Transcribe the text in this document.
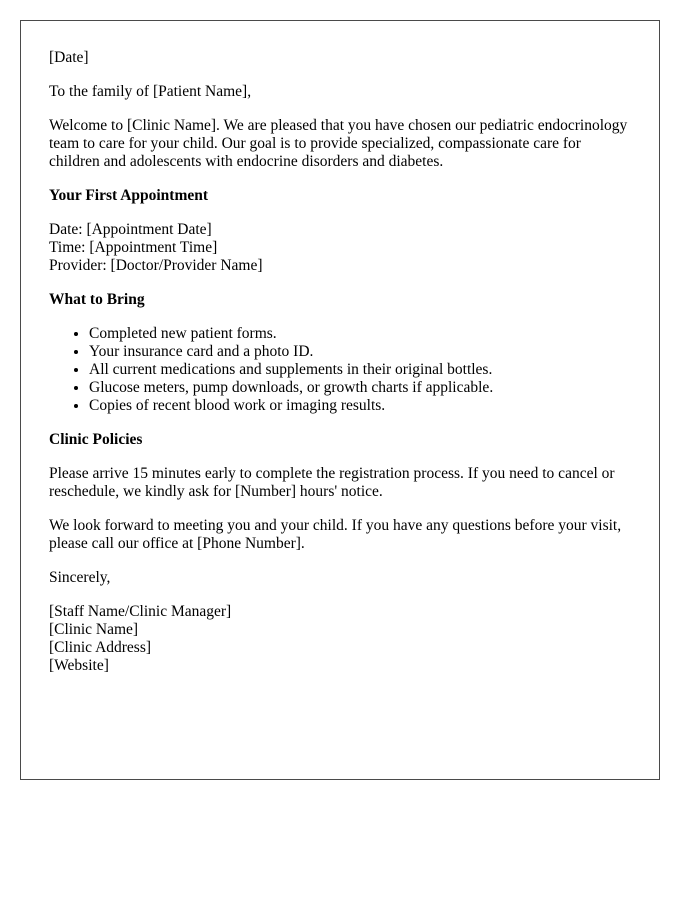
[Date]

To the family of [Patient Name],

Welcome to [Clinic Name]. We are pleased that you have chosen our pediatric endocrinology team to care for your child. Our goal is to provide specialized, compassionate care for children and adolescents with endocrine disorders and diabetes.

Your First Appointment

Date: [Appointment Date]
Time: [Appointment Time]
Provider: [Doctor/Provider Name]

What to Bring
• Completed new patient forms.
• Your insurance card and a photo ID.
• All current medications and supplements in their original bottles.
• Glucose meters, pump downloads, or growth charts if applicable.
• Copies of recent blood work or imaging results.
Clinic Policies

Please arrive 15 minutes early to complete the registration process. If you need to cancel or reschedule, we kindly ask for [Number] hours' notice.

We look forward to meeting you and your child. If you have any questions before your visit, please call our office at [Phone Number].

Sincerely,

[Staff Name/Clinic Manager]
[Clinic Name]
[Clinic Address]
[Website]
